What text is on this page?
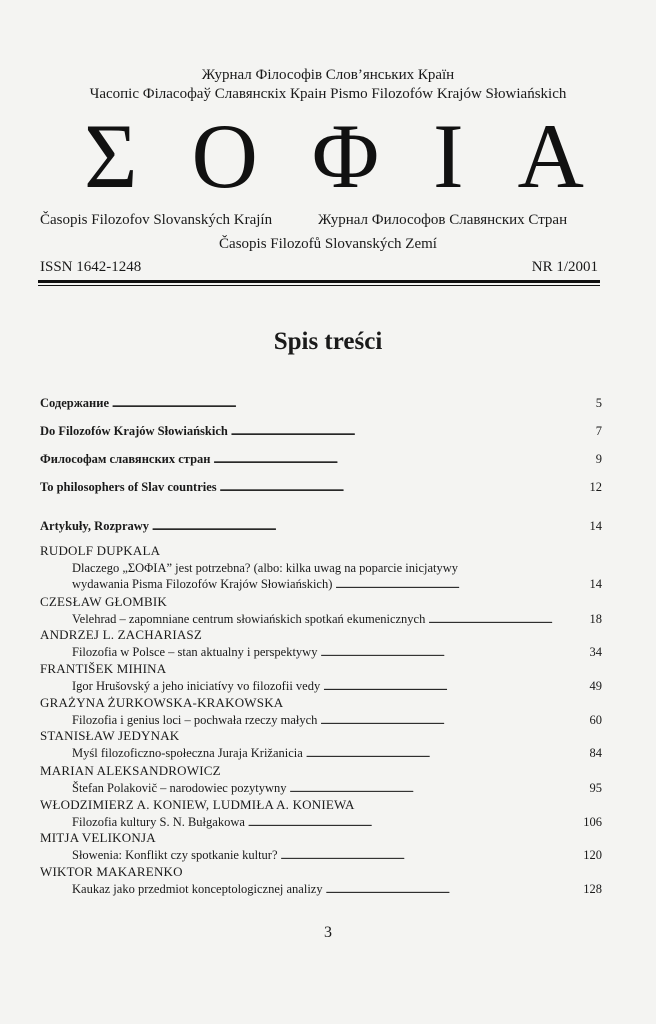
Журнал Філософів Слов’янських Країн
Часопіс Філасофаў Славянскіх Краін Pismo Filozofów Krajów Słowiańskich
Σ Ο Φ Ι Α
Časopis Filozofov Slovanských Krajín	Журнал Философов Славянских Стран
Časopis Filozofů Slovanských Zemí
ISSN 1642-1248	NR 1/2001
Spis treści
Содержание . . .	5
Do Filozofów Krajów Słowiańskich . . .	7
Философам славянских стран . . .	9
To philosophers of Slav countries . . .	12
Artykuły, Rozprawy . . .	14
RUDOLF DUPKALA
Dlaczego „ΣΟΦΙΑ” jest potrzebna? (albo: kilka uwag na poparcie inicjatywy
wydawania Pisma Filozofów Krajów Słowiańskich) . . .	14
CZESŁAW GŁOMBIK
Velehrad – zapomniane centrum słowiańskich spotkań ekumenicznych . . .	18
ANDRZEJ L. ZACHARIASZ
Filozofia w Polsce – stan aktualny i perspektywy . . .	34
FRANTIŠEK MIHINA
Igor Hrušovský a jeho iniciatívy vo filozofii vedy . . .	49
GRAŻYNA ŻURKOWSKA-KRAKOWSKA
Filozofia i genius loci – pochwała rzeczy małych . . .	60
STANISŁAW JEDYNAK
Myśl filozoficzno-społeczna Juraja Križanicia . . .	84
MARIAN ALEKSANDROWICZ
Štefan Polakovič – narodowiec pozytywny . . .	95
WŁODZIMIERZ A. KONIEW, LUDMIŁA A. KONIEWA
Filozofia kultury S. N. Bułgakowa . . .	106
MITJA VELIKONJA
Słowenia: Konflikt czy spotkanie kultur? . . .	120
WIKTOR MAKARENKO
Kaukaz jako przedmiot konceptologicznej analizy . . .	128
3
